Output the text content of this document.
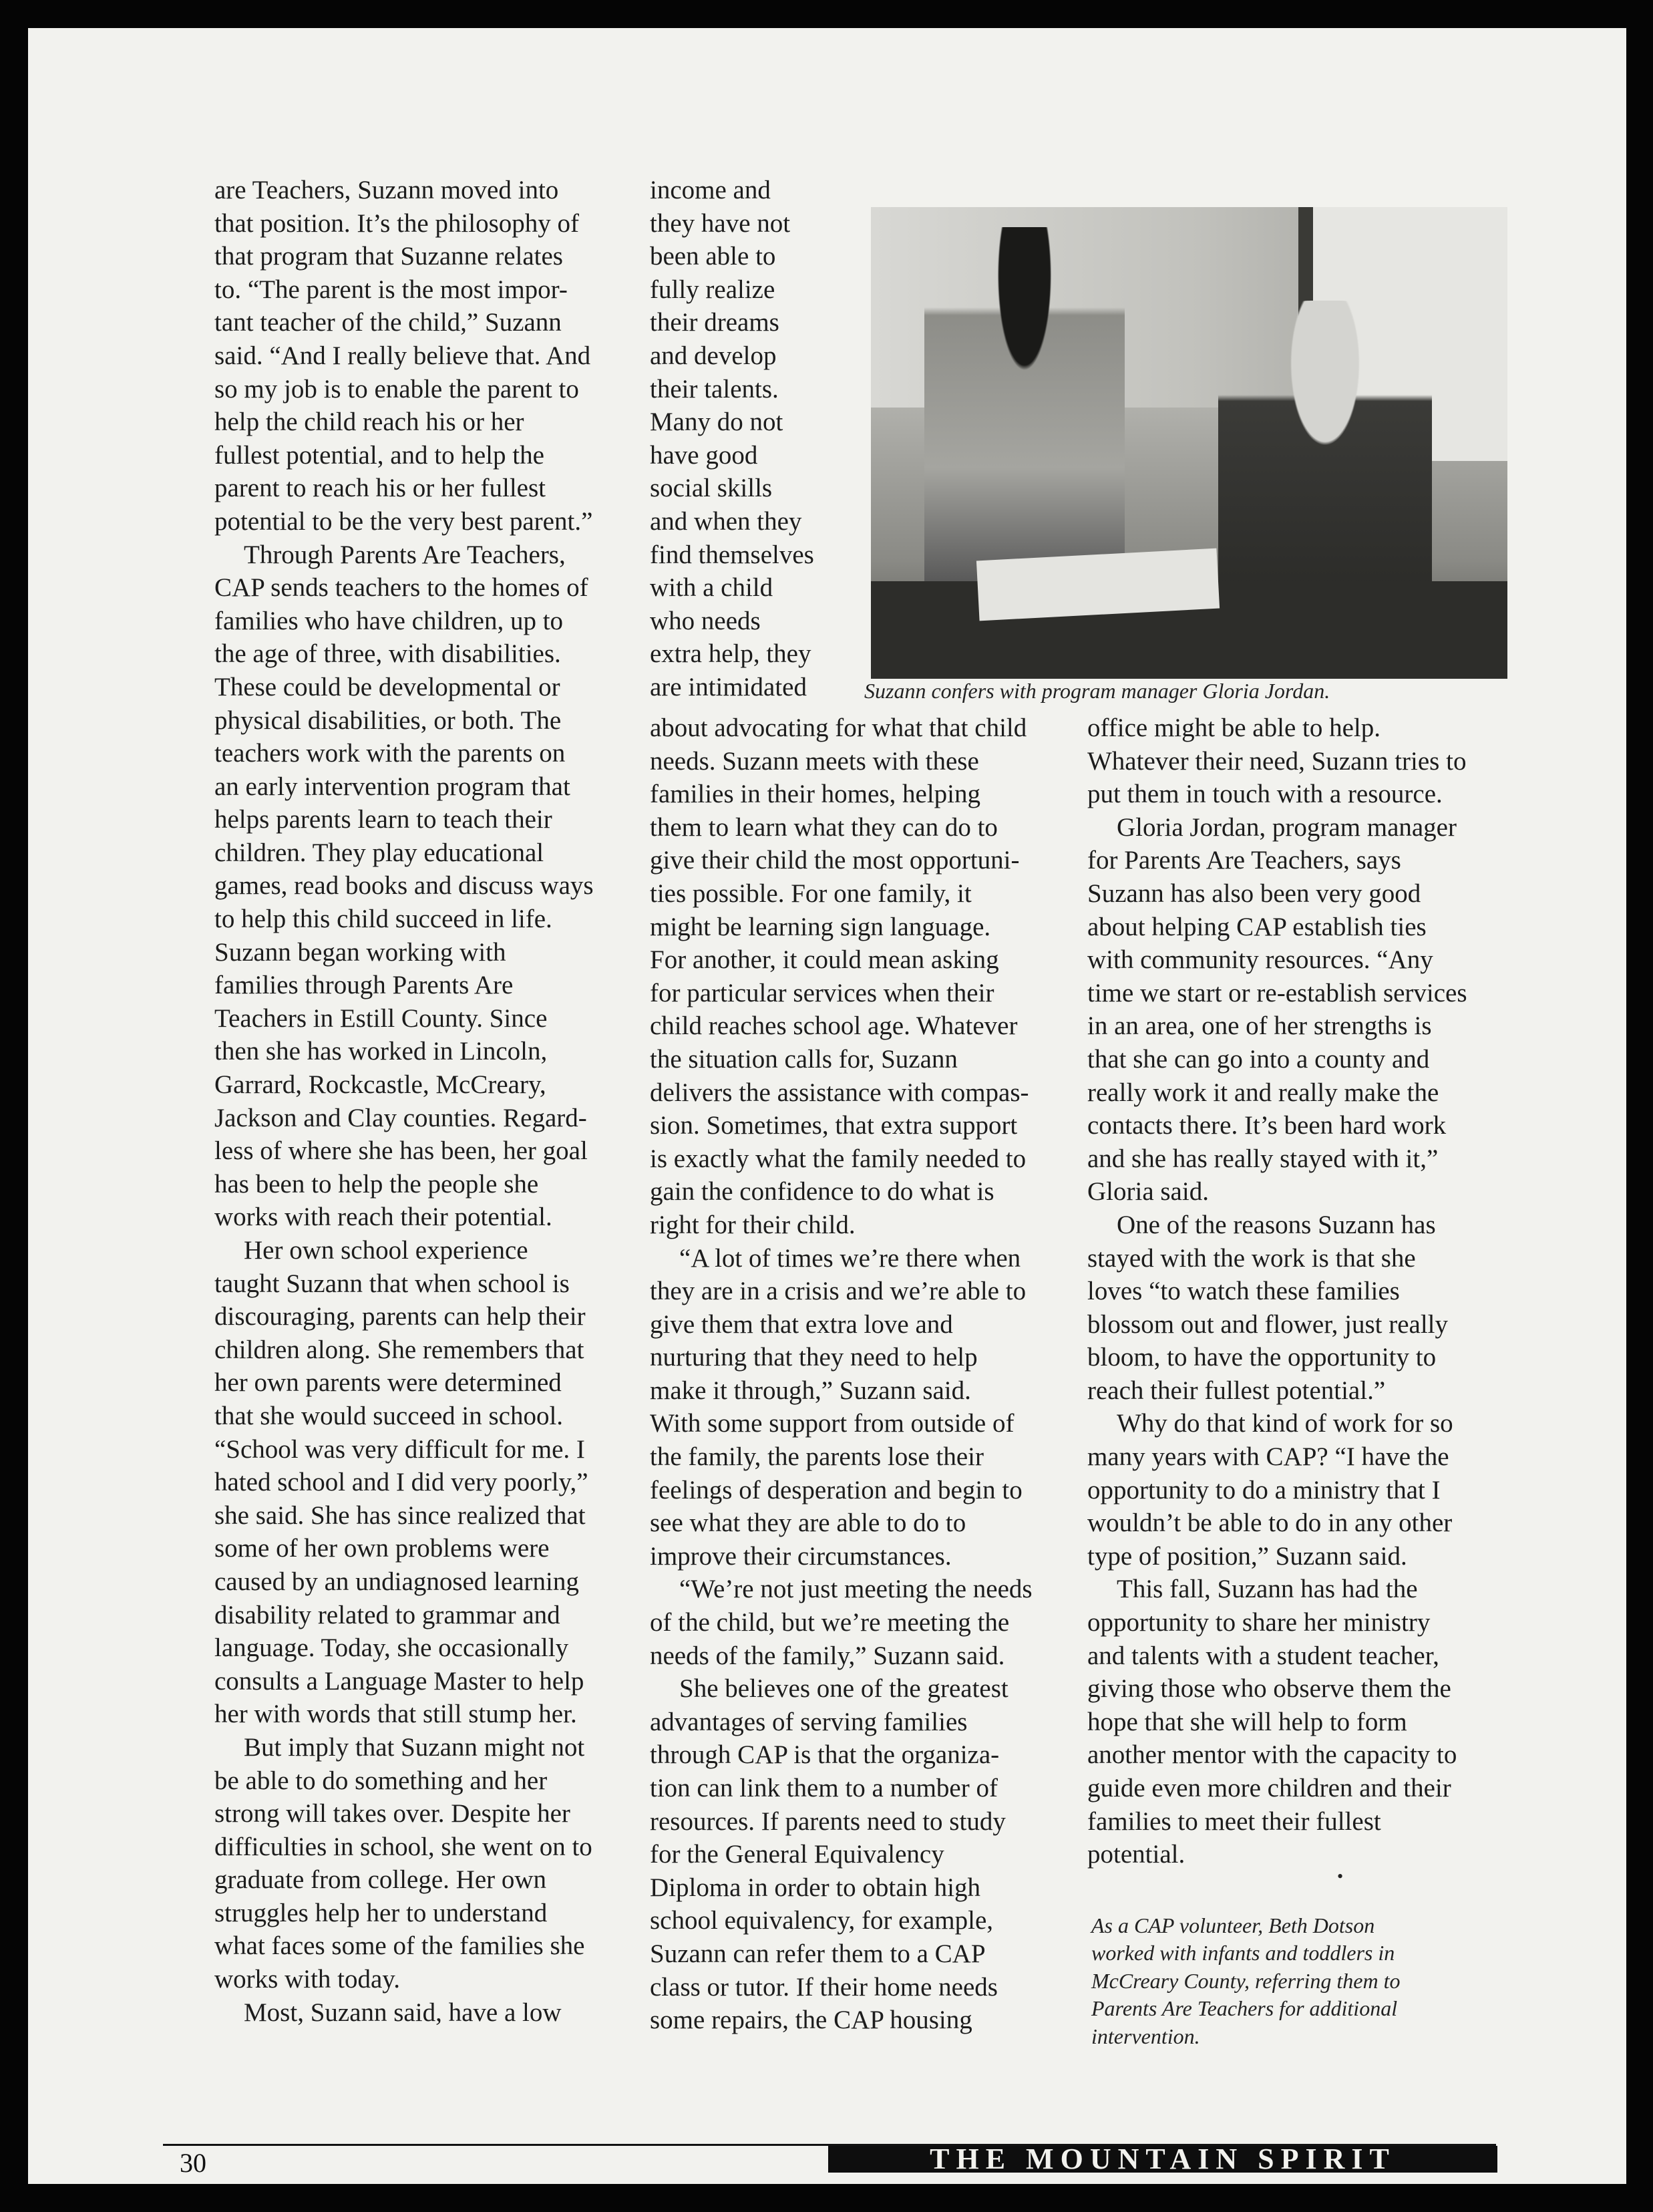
are Teachers, Suzann moved into
that position. It’s the philosophy of
that program that Suzanne relates
to. “The parent is the most impor-
tant teacher of the child,” Suzann
said. “And I really believe that. And
so my job is to enable the parent to
help the child reach his or her
fullest potential, and to help the
parent to reach his or her fullest
potential to be the very best parent.”
Through Parents Are Teachers,
CAP sends teachers to the homes of
families who have children, up to
the age of three, with disabilities.
These could be developmental or
physical disabilities, or both. The
teachers work with the parents on
an early intervention program that
helps parents learn to teach their
children. They play educational
games, read books and discuss ways
to help this child succeed in life.
Suzann began working with
families through Parents Are
Teachers in Estill County. Since
then she has worked in Lincoln,
Garrard, Rockcastle, McCreary,
Jackson and Clay counties. Regard-
less of where she has been, her goal
has been to help the people she
works with reach their potential.
Her own school experience
taught Suzann that when school is
discouraging, parents can help their
children along. She remembers that
her own parents were determined
that she would succeed in school.
“School was very difficult for me. I
hated school and I did very poorly,”
she said. She has since realized that
some of her own problems were
caused by an undiagnosed learning
disability related to grammar and
language. Today, she occasionally
consults a Language Master to help
her with words that still stump her.
But imply that Suzann might not
be able to do something and her
strong will takes over. Despite her
difficulties in school, she went on to
graduate from college. Her own
struggles help her to understand
what faces some of the families she
works with today.
Most, Suzann said, have a low
income and
they have not
been able to
fully realize
their dreams
and develop
their talents.
Many do not
have good
social skills
and when they
find themselves
with a child
who needs
extra help, they
are intimidated	Suzann confers with program manager Gloria Jordan.
about advocating for what that child
needs. Suzann meets with these
families in their homes, helping
them to learn what they can do to
give their child the most opportuni-
ties possible. For one family, it
might be learning sign language.
For another, it could mean asking
for particular services when their
child reaches school age. Whatever
the situation calls for, Suzann
delivers the assistance with compas-
sion. Sometimes, that extra support
is exactly what the family needed to
gain the confidence to do what is
right for their child.
“A lot of times we’re there when
they are in a crisis and we’re able to
give them that extra love and
nurturing that they need to help
make it through,” Suzann said.
With some support from outside of
the family, the parents lose their
feelings of desperation and begin to
see what they are able to do to
improve their circumstances.
“We’re not just meeting the needs
of the child, but we’re meeting the
needs of the family,” Suzann said.
She believes one of the greatest
advantages of serving families
through CAP is that the organiza-
tion can link them to a number of
resources. If parents need to study
for the General Equivalency
Diploma in order to obtain high
school equivalency, for example,
Suzann can refer them to a CAP
class or tutor. If their home needs
some repairs, the CAP housing
office might be able to help.
Whatever their need, Suzann tries to
put them in touch with a resource.
Gloria Jordan, program manager
for Parents Are Teachers, says
Suzann has also been very good
about helping CAP establish ties
with community resources. “Any
time we start or re-establish services
in an area, one of her strengths is
that she can go into a county and
really work it and really make the
contacts there. It’s been hard work
and she has really stayed with it,”
Gloria said.
One of the reasons Suzann has
stayed with the work is that she
loves “to watch these families
blossom out and flower, just really
bloom, to have the opportunity to
reach their fullest potential.”
Why do that kind of work for so
many years with CAP? “I have the
opportunity to do a ministry that I
wouldn’t be able to do in any other
type of position,” Suzann said.
This fall, Suzann has had the
opportunity to share her ministry
and talents with a student teacher,
giving those who observe them the
hope that she will help to form
another mentor with the capacity to
guide even more children and their
families to meet their fullest
potential.
•
As a CAP volunteer, Beth Dotson
worked with infants and toddlers in
McCreary County, referring them to
Parents Are Teachers for additional
intervention.
30	THE MOUNTAIN SPIRIT
